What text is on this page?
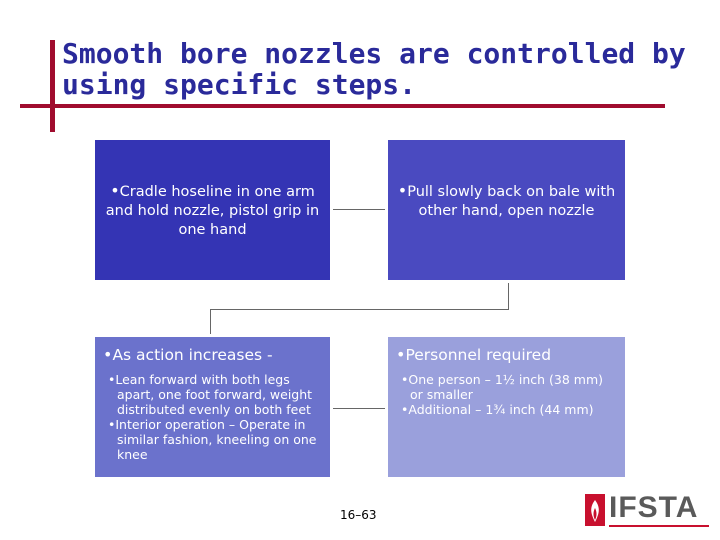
Smooth bore nozzles are controlled by using specific steps.
•Cradle hoseline in one arm and hold nozzle, pistol grip in one hand
•Pull slowly back on bale with other hand, open nozzle
•As action increases -
•Lean forward with both legs apart, one foot forward, weight distributed evenly on both feet
•Interior operation – Operate in similar fashion, kneeling on one knee
•Personnel required
•One person – 1½ inch (38 mm) or smaller
•Additional – 1¾ inch (44 mm)
16–63	IFSTA
